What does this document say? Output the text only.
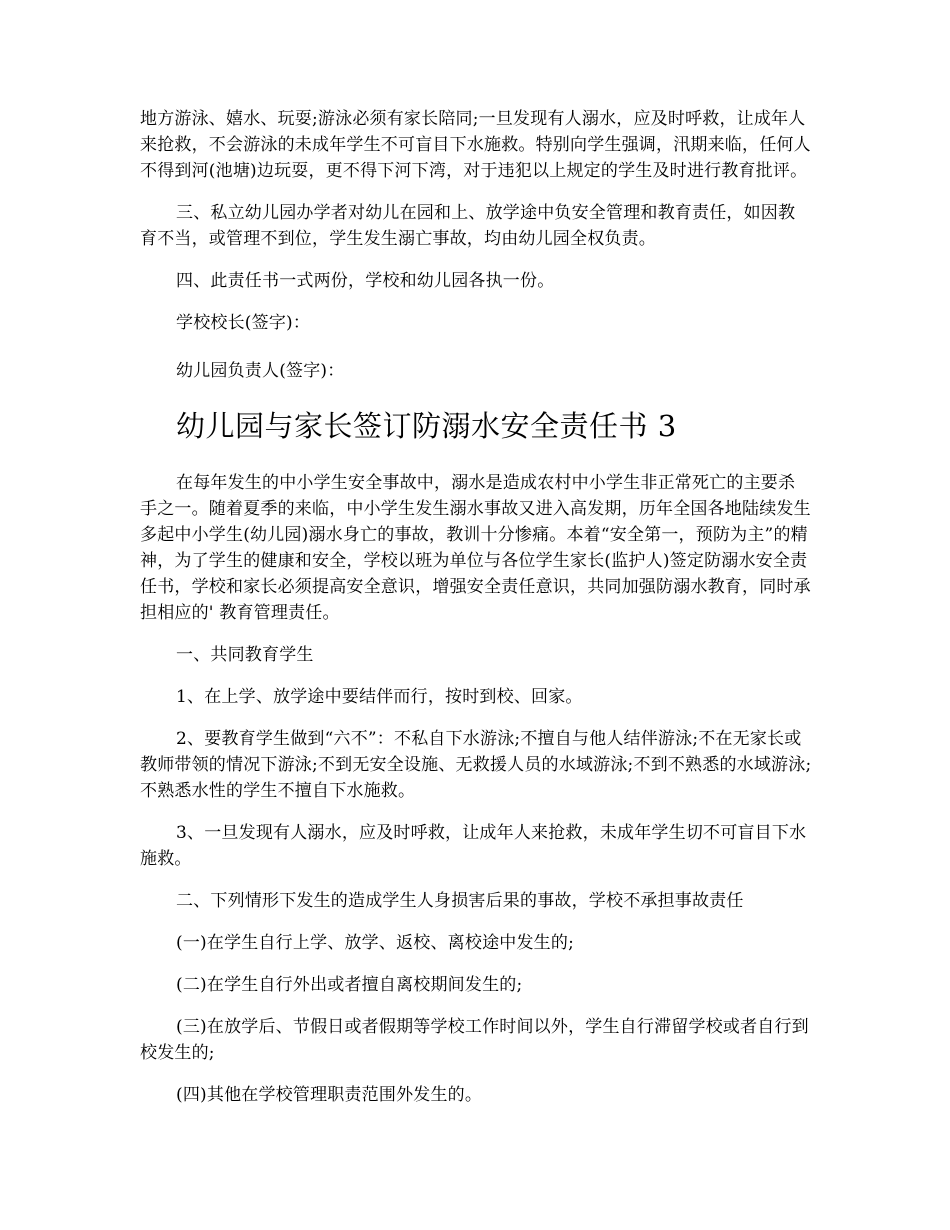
地方游泳、嬉水、玩耍;游泳必须有家长陪同;一旦发现有人溺水，应及时呼救，让成年人来抢救，不会游泳的未成年学生不可盲目下水施救。特别向学生强调，汛期来临，任何人不得到河(池塘)边玩耍，更不得下河下湾，对于违犯以上规定的学生及时进行教育批评。

三、私立幼儿园办学者对幼儿在园和上、放学途中负安全管理和教育责任，如因教育不当，或管理不到位，学生发生溺亡事故，均由幼儿园全权负责。

四、此责任书一式两份，学校和幼儿园各执一份。

学校校长(签字)：

幼儿园负责人(签字)：

幼儿园与家长签订防溺水安全责任书 3

在每年发生的中小学生安全事故中，溺水是造成农村中小学生非正常死亡的主要杀手之一。随着夏季的来临，中小学生发生溺水事故又进入高发期，历年全国各地陆续发生多起中小学生(幼儿园)溺水身亡的事故，教训十分惨痛。本着“安全第一，预防为主”的精神，为了学生的健康和安全，学校以班为单位与各位学生家长(监护人)签定防溺水安全责任书，学校和家长必须提高安全意识，增强安全责任意识，共同加强防溺水教育，同时承担相应的' 教育管理责任。

一、共同教育学生

1、在上学、放学途中要结伴而行，按时到校、回家。

2、要教育学生做到“六不”：不私自下水游泳;不擅自与他人结伴游泳;不在无家长或教师带领的情况下游泳;不到无安全设施、无救援人员的水域游泳;不到不熟悉的水域游泳;不熟悉水性的学生不擅自下水施救。

3、一旦发现有人溺水，应及时呼救，让成年人来抢救，未成年学生切不可盲目下水施救。

二、下列情形下发生的造成学生人身损害后果的事故，学校不承担事故责任

(一)在学生自行上学、放学、返校、离校途中发生的;

(二)在学生自行外出或者擅自离校期间发生的;

(三)在放学后、节假日或者假期等学校工作时间以外，学生自行滞留学校或者自行到校发生的;

(四)其他在学校管理职责范围外发生的。
